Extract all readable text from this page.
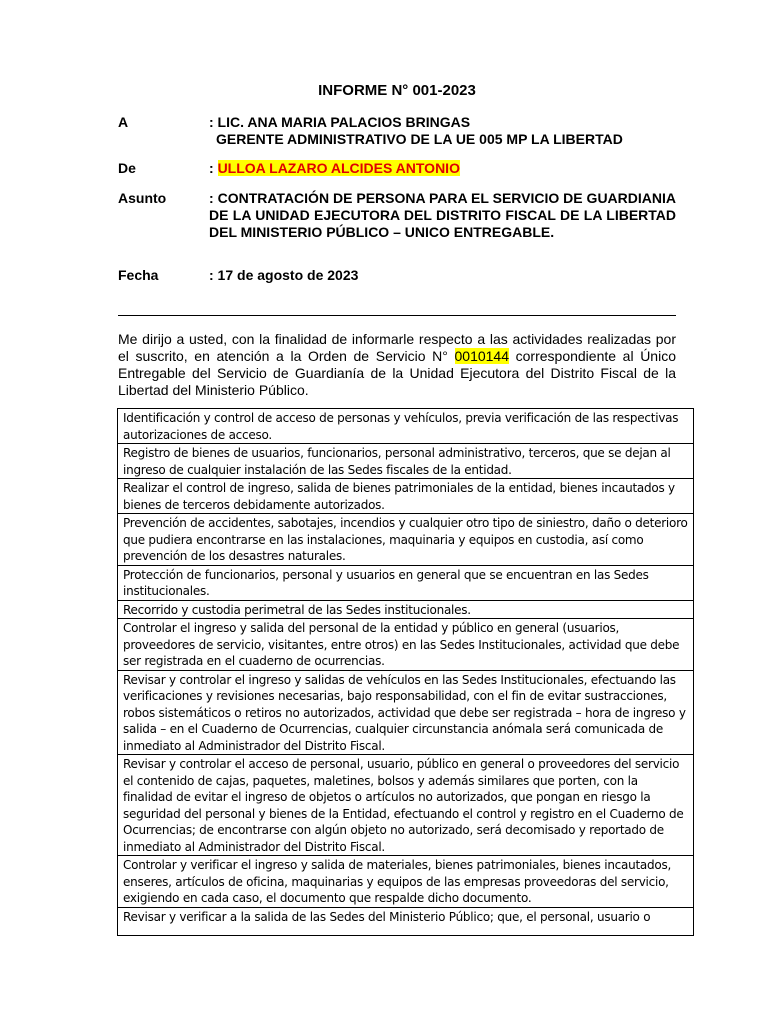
INFORME N° 001-2023
A	: LIC. ANA MARIA PALACIOS BRINGAS
GERENTE ADMINISTRATIVO DE LA UE 005 MP LA LIBERTAD
De	: ULLOA LAZARO ALCIDES ANTONIO
Asunto	: CONTRATACIÓN DE PERSONA PARA EL SERVICIO DE GUARDIANIA DE LA UNIDAD EJECUTORA DEL DISTRITO FISCAL DE LA LIBERTAD DEL MINISTERIO PÚBLICO – UNICO ENTREGABLE.
Fecha	: 17 de agosto de 2023
Me dirijo a usted, con la finalidad de informarle respecto a las actividades realizadas por el suscrito, en atención a la Orden de Servicio N° 0010144 correspondiente al Único Entregable del Servicio de Guardianía de la Unidad Ejecutora del Distrito Fiscal de la Libertad del Ministerio Público.
Identificación y control de acceso de personas y vehículos, previa verificación de las respectivas autorizaciones de acceso.
Registro de bienes de usuarios, funcionarios, personal administrativo, terceros, que se dejan al ingreso de cualquier instalación de las Sedes fiscales de la entidad.
Realizar el control de ingreso, salida de bienes patrimoniales de la entidad, bienes incautados y bienes de terceros debidamente autorizados.
Prevención de accidentes, sabotajes, incendios y cualquier otro tipo de siniestro, daño o deterioro que pudiera encontrarse en las instalaciones, maquinaria y equipos en custodia, así como prevención de los desastres naturales.
Protección de funcionarios, personal y usuarios en general que se encuentran en las Sedes institucionales.
Recorrido y custodia perimetral de las Sedes institucionales.
Controlar el ingreso y salida del personal de la entidad y público en general (usuarios, proveedores de servicio, visitantes, entre otros) en las Sedes Institucionales, actividad que debe ser registrada en el cuaderno de ocurrencias.
Revisar y controlar el ingreso y salidas de vehículos en las Sedes Institucionales, efectuando las verificaciones y revisiones necesarias, bajo responsabilidad, con el fin de evitar sustracciones, robos sistemáticos o retiros no autorizados, actividad que debe ser registrada – hora de ingreso y salida – en el Cuaderno de Ocurrencias, cualquier circunstancia anómala será comunicada de inmediato al Administrador del Distrito Fiscal.
Revisar y controlar el acceso de personal, usuario, público en general o proveedores del servicio el contenido de cajas, paquetes, maletines, bolsos y además similares que porten, con la finalidad de evitar el ingreso de objetos o artículos no autorizados, que pongan en riesgo la seguridad del personal y bienes de la Entidad, efectuando el control y registro en el Cuaderno de Ocurrencias; de encontrarse con algún objeto no autorizado, será decomisado y reportado de inmediato al Administrador del Distrito Fiscal.
Controlar y verificar el ingreso y salida de materiales, bienes patrimoniales, bienes incautados, enseres, artículos de oficina, maquinarias y equipos de las empresas proveedoras del servicio, exigiendo en cada caso, el documento que respalde dicho documento.
Revisar y verificar a la salida de las Sedes del Ministerio Público; que, el personal, usuario o
